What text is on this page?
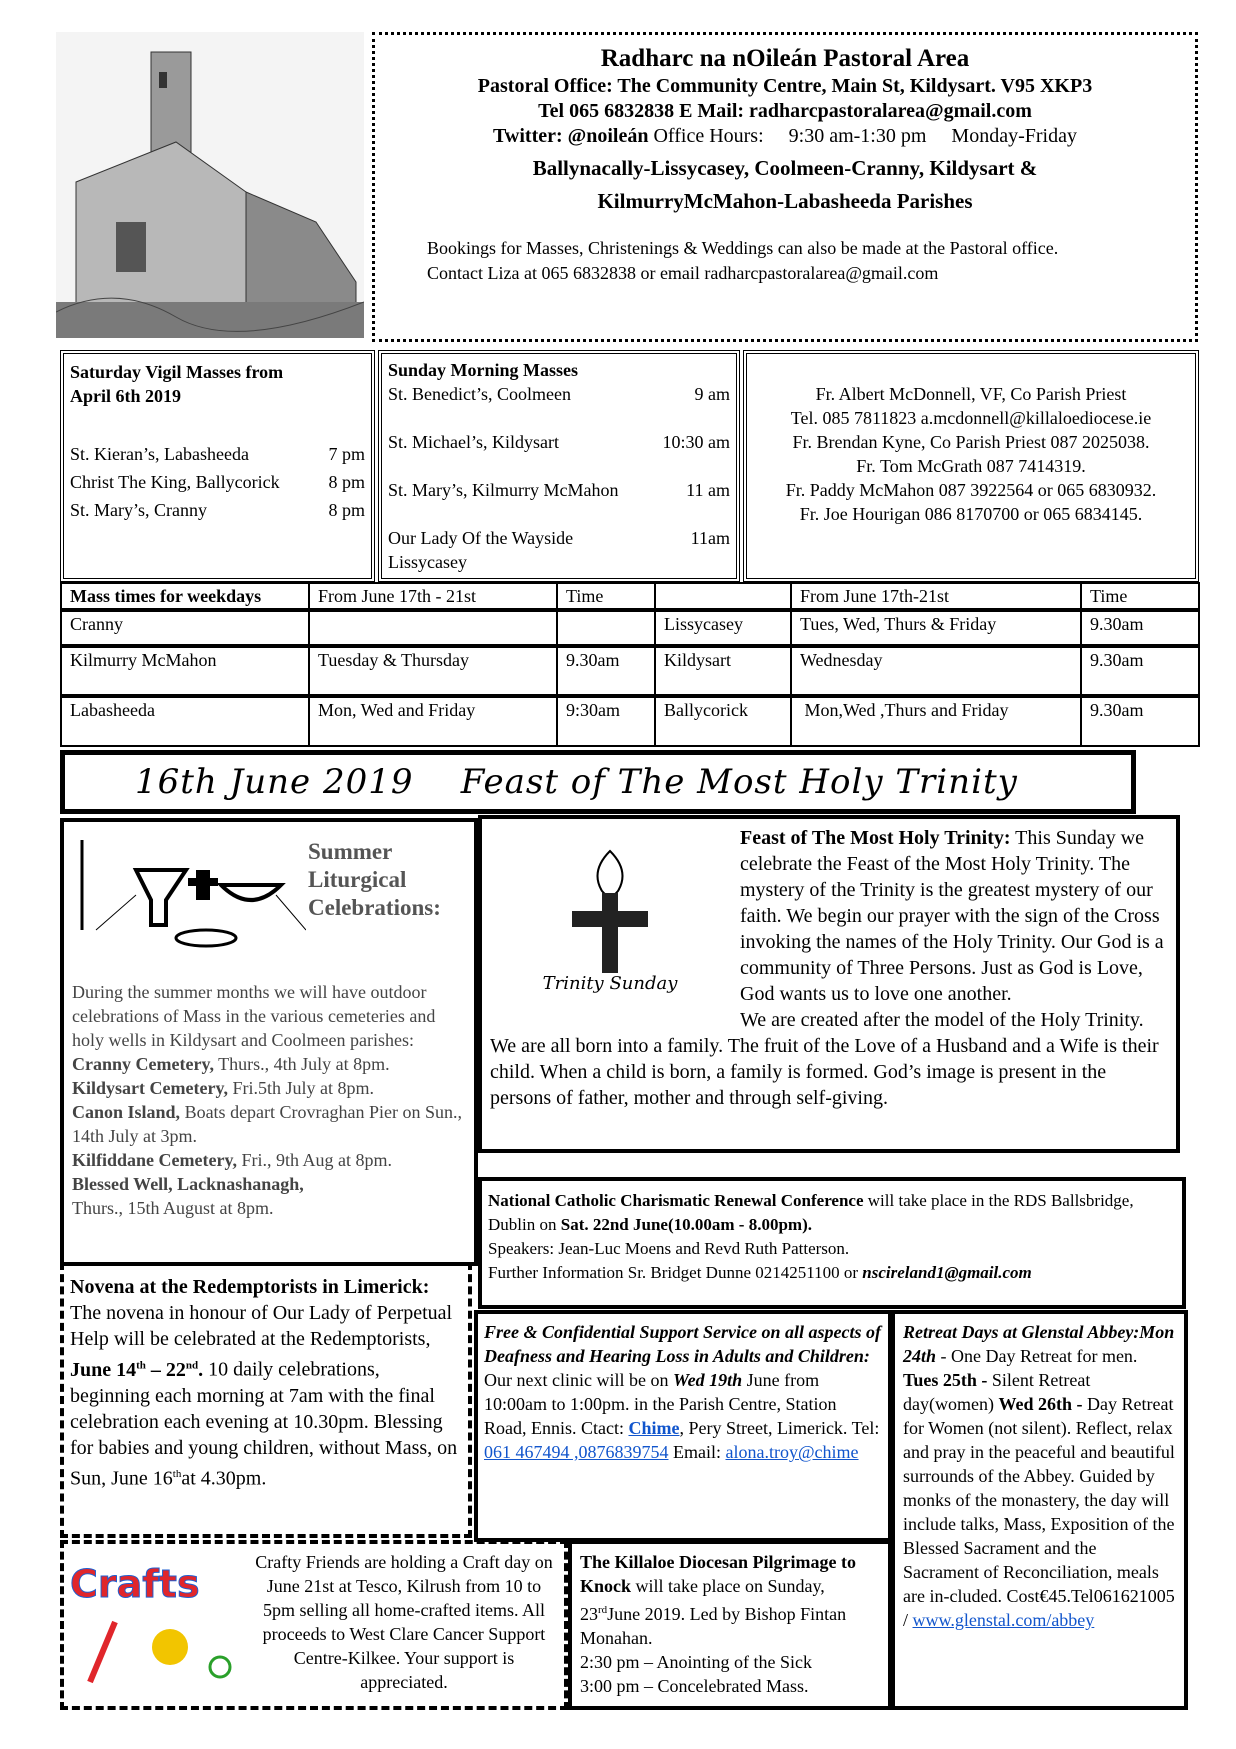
Radharc na nOileán Pastoral Area
Pastoral Office: The Community Centre, Main St, Kildysart. V95 XKP3
Tel 065 6832838 E Mail: radharcpastoralarea@gmail.com
Twitter: @noileán Office Hours:     9:30 am-1:30 pm     Monday-Friday
Ballynacally-Lissycasey, Coolmeen-Cranny, Kildysart &
KilmurryMcMahon-Labasheeda Parishes
Bookings for Masses, Christenings & Weddings can also be made at the Pastoral office.
Contact Liza at 065 6832838 or email radharcpastoralarea@gmail.com
Saturday Vigil Masses from
April 6th 2019
St. Kieran’s, Labasheeda	7 pm
Christ The King, Ballycorick	8 pm
St. Mary’s, Cranny	8 pm
Sunday Morning Masses
St. Benedict’s, Coolmeen	9 am
St. Michael’s, Kildysart	10:30 am
St. Mary’s, Kilmurry McMahon	11 am
Our Lady Of the Wayside	11am
Lissycasey
Fr. Albert McDonnell, VF, Co Parish Priest
Tel. 085 7811823 a.mcdonnell@killaloediocese.ie
Fr. Brendan Kyne, Co Parish Priest 087 2025038.
Fr. Tom McGrath 087 7414319.
Fr. Paddy McMahon 087 3922564 or 065 6830932.
Fr. Joe Hourigan 086 8170700 or 065 6834145.
Mass times for weekdays	From June 17th - 21st	Time		From June 17th-21st	Time
Cranny			Lissycasey	Tues, Wed, Thurs & Friday	9.30am
Kilmurry McMahon	Tuesday & Thursday	9.30am	Kildysart	Wednesday	9.30am
Labasheeda	Mon, Wed and Friday	9:30am	Ballycorick	Mon,Wed ,Thurs and Friday	9.30am
16th June 2019    Feast of The Most Holy Trinity
Summer
Liturgical
Celebrations:
During the summer months we will have outdoor celebrations of Mass in the various cemeteries and holy wells in Kildysart and Coolmeen parishes:
Cranny Cemetery, Thurs., 4th July at 8pm.
Kildysart Cemetery, Fri.5th July at 8pm.
Canon Island, Boats depart Crovraghan Pier on Sun., 14th July at 3pm.
Kilfiddane Cemetery, Fri., 9th Aug at 8pm.
Blessed Well, Lacknashanagh,
Thurs., 15th August at 8pm.
Trinity Sunday
Feast of The Most Holy Trinity: This Sunday we celebrate the Feast of the Most Holy Trinity. The mystery of the Trinity is the greatest mystery of our faith. We begin our prayer with the sign of the Cross invoking the names of the Holy Trinity. Our God is a community of Three Persons. Just as God is Love, God wants us to love one another.
We are created after the model of the Holy Trinity. We are all born into a family. The fruit of the Love of a Husband and a Wife is their child. When a child is born, a family is formed. God’s image is present in the persons of father, mother and through self-giving.
National Catholic Charismatic Renewal Conference will take place in the RDS Ballsbridge, Dublin on Sat. 22nd June(10.00am - 8.00pm).
Speakers: Jean-Luc Moens and Revd Ruth Patterson.
Further Information Sr. Bridget Dunne 0214251100 or nscireland1@gmail.com
Novena at the Redemptorists in Limerick: The novena in honour of Our Lady of Perpetual Help will be celebrated at the Redemptorists, June 14th – 22nd. 10 daily celebrations, beginning each morning at 7am with the final celebration each evening at 10.30pm. Blessing for babies and young children, without Mass, on Sun, June 16that 4.30pm.
Free & Confidential Support Service on all aspects of Deafness and Hearing Loss in Adults and Children:
Our next clinic will be on Wed 19th June from 10:00am to 1:00pm. in the Parish Centre, Station Road, Ennis. Ctact: Chime, Pery Street, Limerick. Tel: 061 467494 ,0876839754 Email: alona.troy@chime
Retreat Days at Glenstal Abbey:Mon 24th - One Day Retreat for men. Tues 25th - Silent Retreat day(women) Wed 26th - Day Retreat for Women (not silent). Reflect, relax and pray in the peaceful and beautiful surrounds of the Abbey. Guided by monks of the monastery, the day will include talks, Mass, Exposition of the Blessed Sacrament and the Sacrament of Reconciliation, meals are in-cluded. Cost€45.Tel061621005 / www.glenstal.com/abbey
Crafts	Crafty Friends are holding a Craft day on June 21st at Tesco, Kilrush from 10 to 5pm selling all home-crafted items. All proceeds to West Clare Cancer Support Centre-Kilkee. Your support is appreciated.
The Killaloe Diocesan Pilgrimage to Knock will take place on Sunday, 23rdJune 2019. Led by Bishop Fintan Monahan.
2:30 pm – Anointing of the Sick
3:00 pm – Concelebrated Mass.
